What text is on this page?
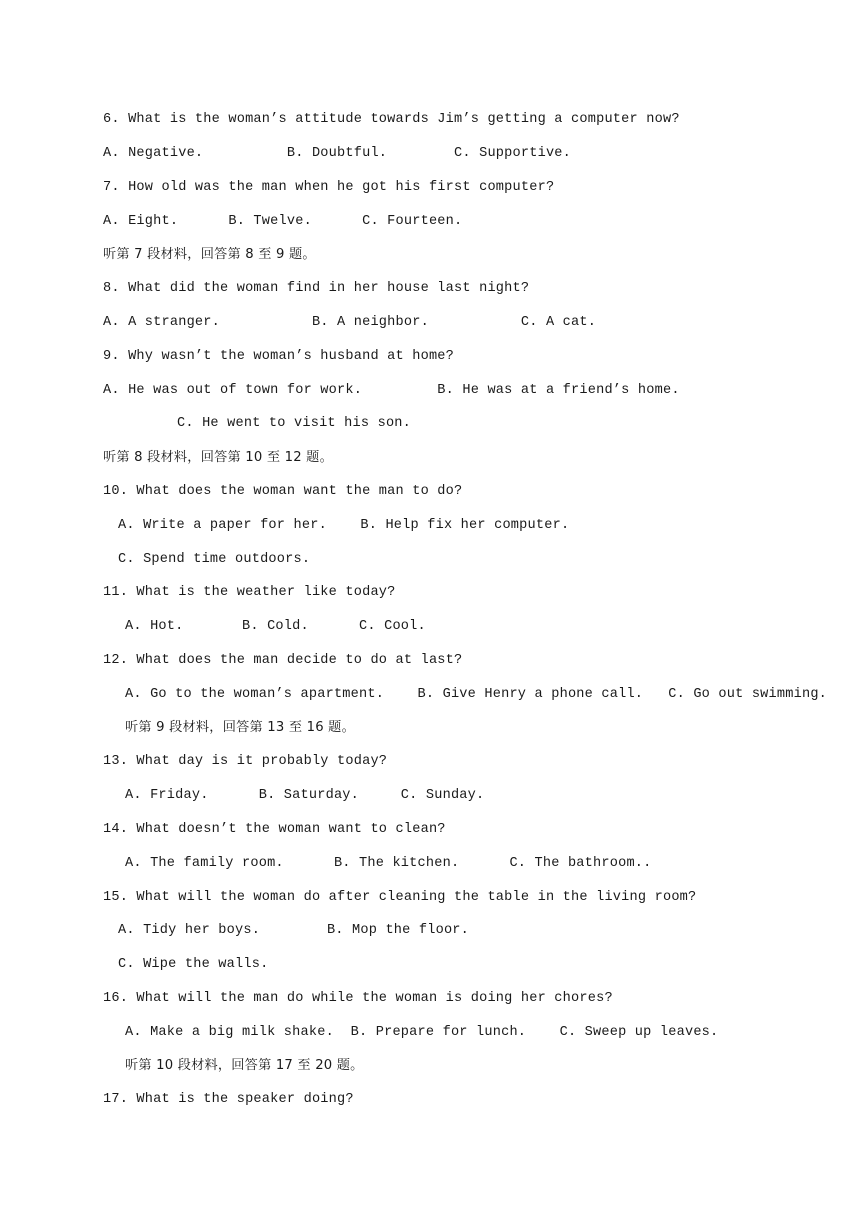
6. What is the woman’s attitude towards Jim’s getting a computer now?
A. Negative.          B. Doubtful.        C. Supportive.
7. How old was the man when he got his first computer?
A. Eight.      B. Twelve.      C. Fourteen.
听第 7 段材料，回答第 8 至 9 题。
8. What did the woman find in her house last night?
A. A stranger.           B. A neighbor.           C. A cat.
9. Why wasn’t the woman’s husband at home?
A. He was out of town for work.         B. He was at a friend’s home.
C. He went to visit his son.
听第 8 段材料，回答第 10 至 12 题。
10. What does the woman want the man to do?
A. Write a paper for her.    B. Help fix her computer.
C. Spend time outdoors.
11. What is the weather like today?
A. Hot.       B. Cold.      C. Cool.
12. What does the man decide to do at last?
A. Go to the woman’s apartment.    B. Give Henry a phone call.   C. Go out swimming.
听第 9 段材料，回答第 13 至 16 题。
13. What day is it probably today?
A. Friday.      B. Saturday.     C. Sunday.
14. What doesn’t the woman want to clean?
A. The family room.      B. The kitchen.      C. The bathroom..
15. What will the woman do after cleaning the table in the living room?
A. Tidy her boys.        B. Mop the floor.
C. Wipe the walls.
16. What will the man do while the woman is doing her chores?
A. Make a big milk shake.  B. Prepare for lunch.    C. Sweep up leaves.
听第 10 段材料，回答第 17 至 20 题。
17. What is the speaker doing?
